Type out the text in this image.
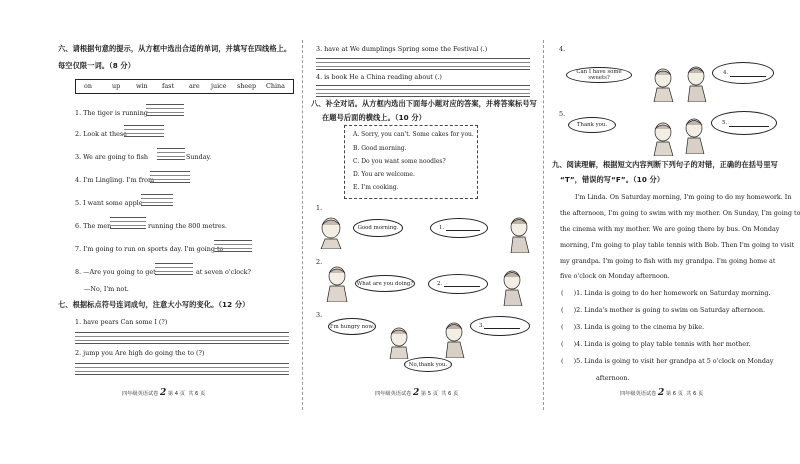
六、请根据句意的提示，从方框中选出合适的单词，并填写在四线格上。
每空仅限一词。（8 分）
on	up win fast are juice sheep China
1. The tiger is running
2. Look at these
3. We are going to fish	Sunday.
4. I'm Lingling. I'm from
5. I want some apple
6. The men	running the 800 metres.
7. I'm going to run on sports day. I'm going to
8. —Are you going to get	at seven o'clock?
—No, I'm not.
七、根据标点符号连词成句，注意大小写的变化。（12 分）
1. have pears Can some I (?)
2. jump you Are high do going the to (?)
四年级英语试卷 2 第 4 页 共 6 页
3. have at We dumplings Spring some the Festival (.)
4. is book He a China reading about (.)
八、补全对话。从方框内选出下面每小题对应的答案，并将答案标号写
在题号后面的横线上。（10 分）
A. Sorry, you can't. Some cakes for you.
B. Good morning.
C. Do you want some noodles?
D. You are welcome.
E. I'm cooking.
1.
Good morning.	1.
2.
What are you doing?	2.
3.
I'm hungry now.	3.
No,thank you.
四年级英语试卷 2 第 5 页 共 6 页
4.
Can I have some sweets?
4.
5.
Thank you.	5.
九、阅读理解，根据短文内容判断下列句子的对错，正确的在括号里写
“T”，错误的写“F”。（10 分）
I'm Linda. On Saturday morning, I'm going to do my homework. In
the afternoon, I'm going to swim with my mother. On Sunday, I'm going to
the cinema with my mother. We are going there by bus. On Monday
morning, I'm going to play table tennis with Bob. Then I'm going to visit
my grandpa. I'm going to fish with my grandpa. I'm going home at
five o'clock on Monday afternoon.
(     )1. Linda is going to do her homework on Saturday morning.
(     )2. Linda's mother is going to swim on Saturday afternoon.
(     )3. Linda is going to the cinema by bike.
(     )4. Linda is going to play table tennis with her mother.
(     )5. Linda is going to visit her grandpa at 5 o'clock on Monday
afternoon.
四年级英语试卷 2 第 6 页 共 6 页
